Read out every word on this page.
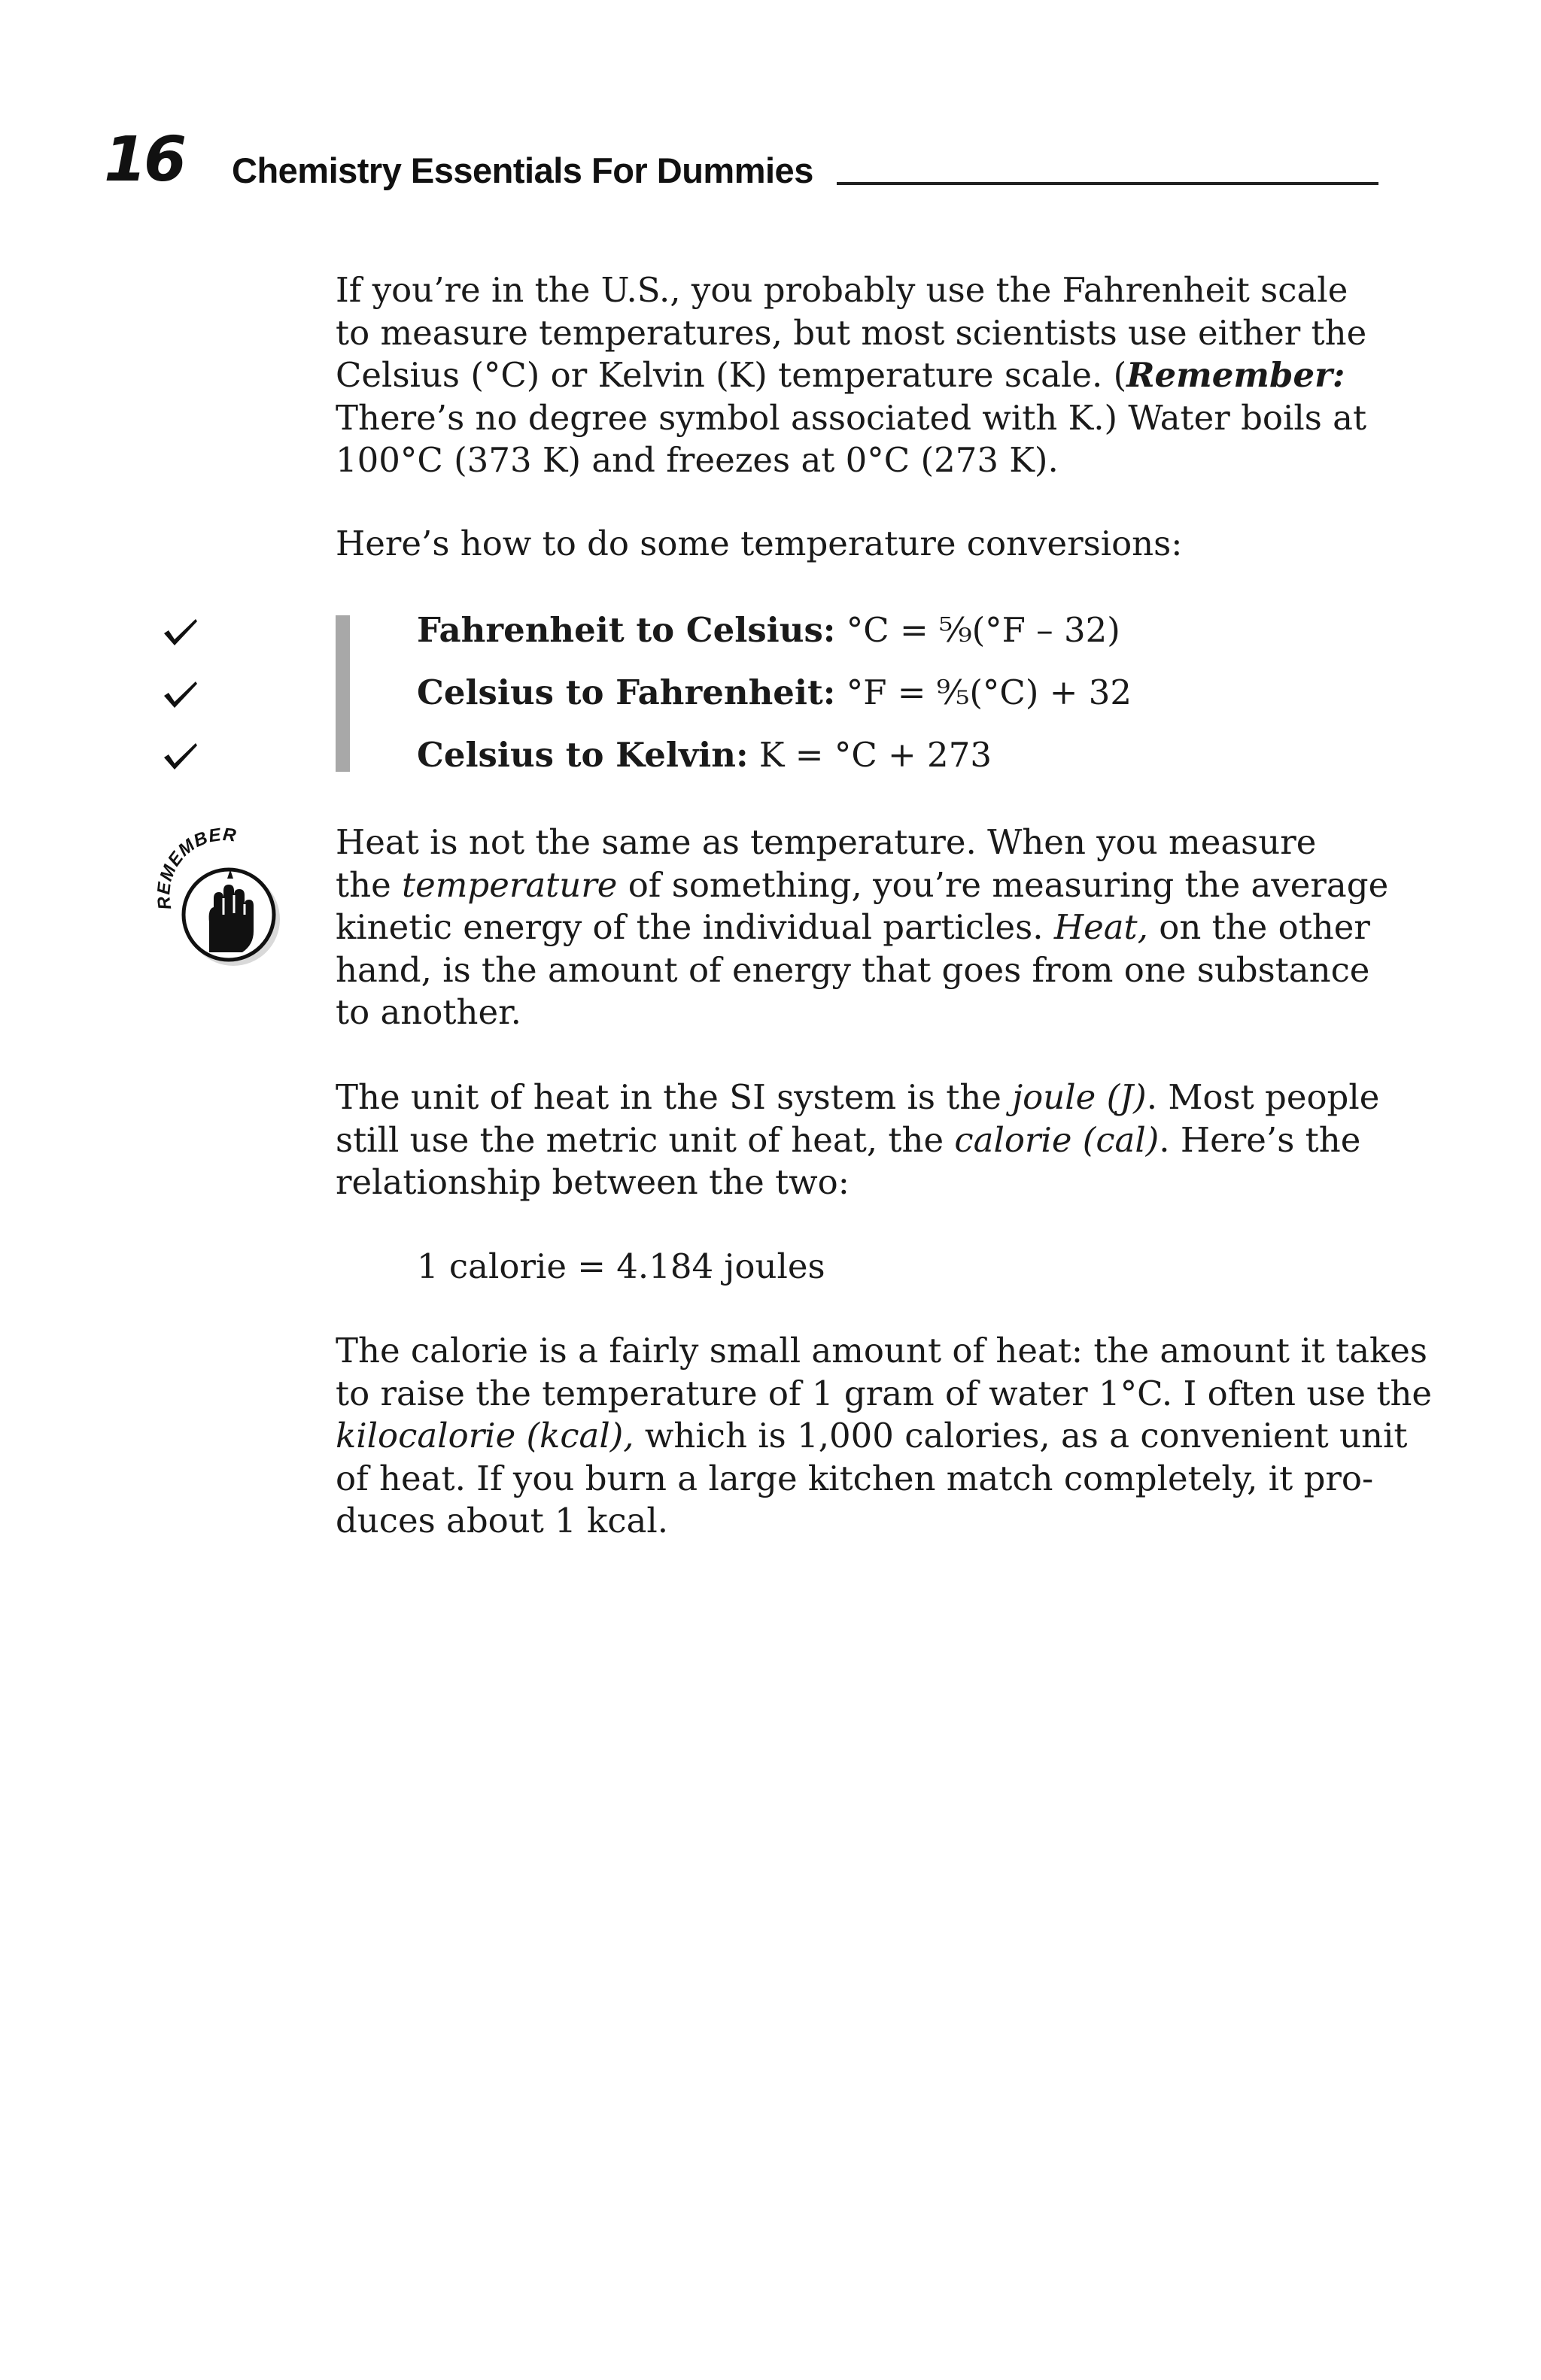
16 Chemistry Essentials For Dummies
If you’re in the U.S., you probably use the Fahrenheit scale
to measure temperatures, but most scientists use either the
Celsius (°C) or Kelvin (K) temperature scale. (Remember:
There’s no degree symbol associated with K.) Water boils at
100°C (373 K) and freezes at 0°C (273 K).
Here’s how to do some temperature conversions:
Fahrenheit to Celsius: °C = ⁵⁄₉(°F – 32)
Celsius to Fahrenheit: °F = ⁹⁄₅(°C) + 32
Celsius to Kelvin: K = °C + 273
REMEMBER	Heat is not the same as temperature. When you measure
the temperature of something, you’re measuring the average
kinetic energy of the individual particles. Heat, on the other
hand, is the amount of energy that goes from one substance
to another.
The unit of heat in the SI system is the joule (J). Most people
still use the metric unit of heat, the calorie (cal). Here’s the
relationship between the two:
1 calorie = 4.184 joules
The calorie is a fairly small amount of heat: the amount it takes
to raise the temperature of 1 gram of water 1°C. I often use the
kilocalorie (kcal), which is 1,000 calories, as a convenient unit
of heat. If you burn a large kitchen match completely, it pro-
duces about 1 kcal.
